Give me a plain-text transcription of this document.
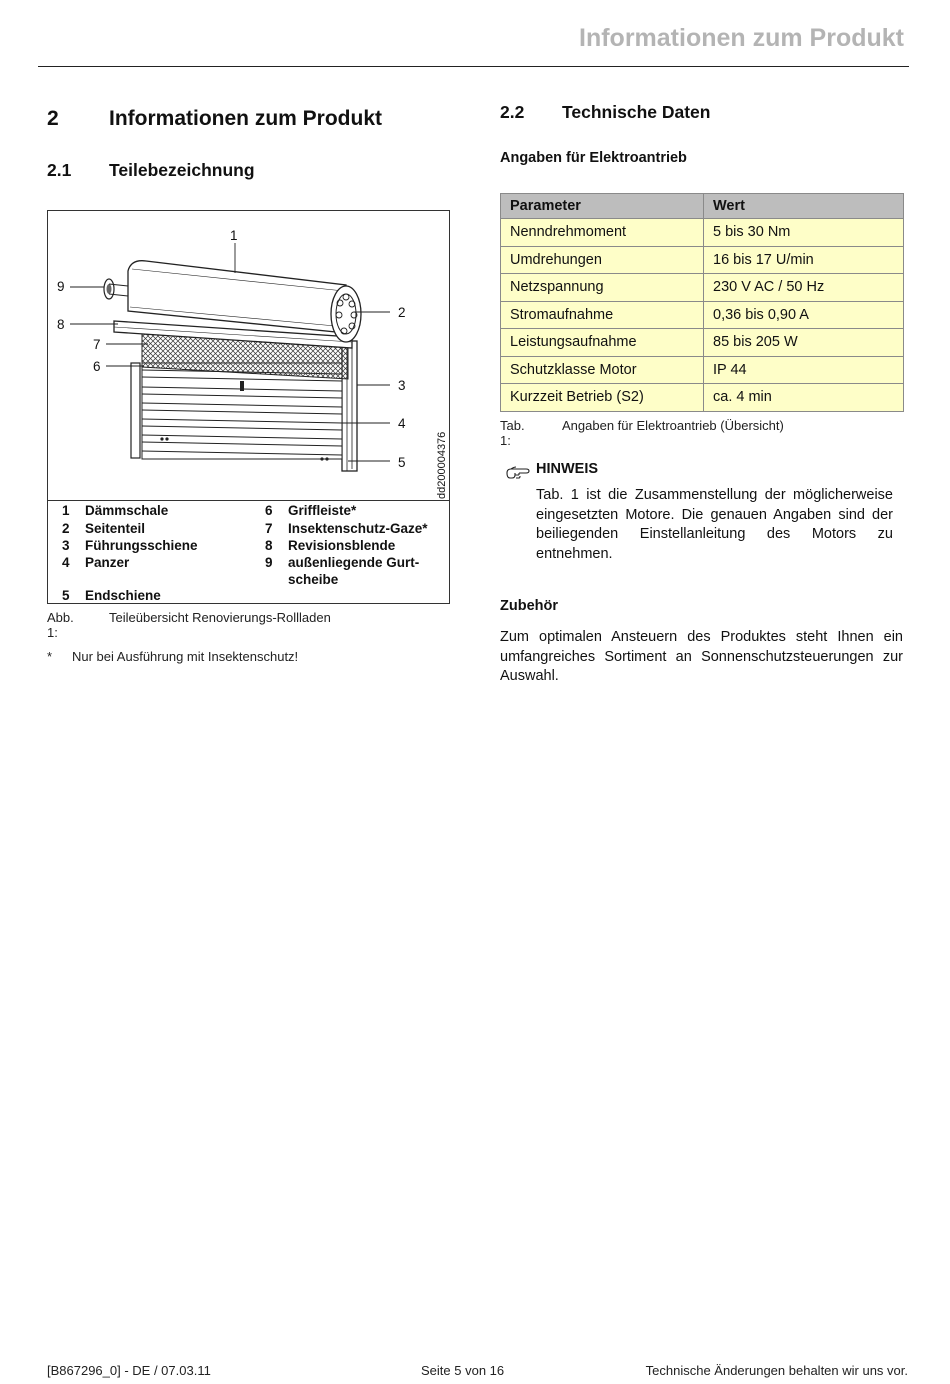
Informationen zum Produkt
2 Informationen zum Produkt
2.1 Teilebezeichnung
1
2
3
4
5
6
7
8
9
dd200004376
1 Dämmschale
2 Seitenteil
3 Führungsschiene
4 Panzer
5 Endschiene
6 Griffleiste*
7 Insektenschutz-Gaze*
8 Revisionsblende
9 außenliegende Gurt-
scheibe
Abb. 1:
Teileübersicht Renovierungs-Rollladen
* Nur bei Ausführung mit Insektenschutz!
2.2 Technische Daten
Angaben für Elektroantrieb
Parameter	Wert
Nenndrehmoment	5 bis 30 Nm
Umdrehungen	16 bis 17 U/min
Netzspannung	230 V AC / 50 Hz
Stromaufnahme	0,36 bis 0,90 A
Leistungsaufnahme	85 bis 205 W
Schutzklasse Motor	IP 44
Kurzzeit Betrieb (S2)	ca. 4 min
Tab. 1:
Angaben für Elektroantrieb (Übersicht)
HINWEIS
Tab. 1 ist die Zusammenstellung der möglicherweise eingesetzten Motore. Die genauen Angaben sind der beiliegenden Einstellanleitung des Motors zu entnehmen.
Zubehör
Zum optimalen Ansteuern des Produktes steht Ihnen ein umfangreiches Sortiment an Sonnenschutzsteuerungen zur Auswahl.
[B867296_0] - DE / 07.03.11	Seite 5 von 16	Technische Änderungen behalten wir uns vor.
